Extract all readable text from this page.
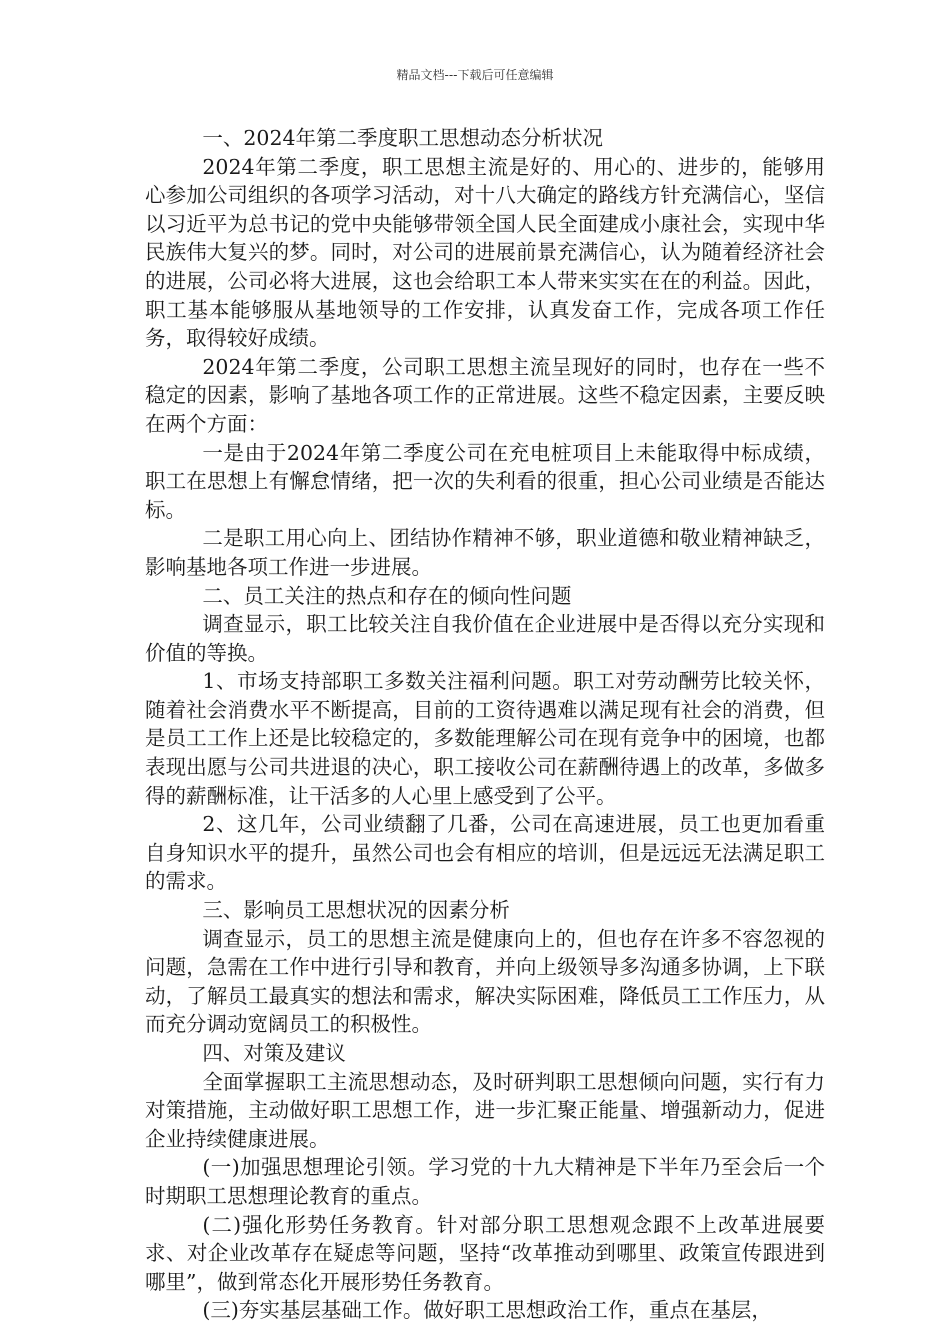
精品文档---下载后可任意编辑

一、2024年第二季度职工思想动态分析状况

2024年第二季度，职工思想主流是好的、用心的、进步的，能够用心参加公司组织的各项学习活动，对十八大确定的路线方针充满信心，坚信以习近平为总书记的党中央能够带领全国人民全面建成小康社会，实现中华民族伟大复兴的梦。同时，对公司的进展前景充满信心，认为随着经济社会的进展，公司必将大进展，这也会给职工本人带来实实在在的利益。因此，职工基本能够服从基地领导的工作安排，认真发奋工作，完成各项工作任务，取得较好成绩。

2024年第二季度，公司职工思想主流呈现好的同时，也存在一些不稳定的因素，影响了基地各项工作的正常进展。这些不稳定因素，主要反映在两个方面：

一是由于2024年第二季度公司在充电桩项目上未能取得中标成绩，职工在思想上有懈怠情绪，把一次的失利看的很重，担心公司业绩是否能达标。

二是职工用心向上、团结协作精神不够，职业道德和敬业精神缺乏，影响基地各项工作进一步进展。

二、员工关注的热点和存在的倾向性问题

调查显示，职工比较关注自我价值在企业进展中是否得以充分实现和价值的等换。

1、市场支持部职工多数关注福利问题。职工对劳动酬劳比较关怀，随着社会消费水平不断提高，目前的工资待遇难以满足现有社会的消费，但是员工工作上还是比较稳定的，多数能理解公司在现有竞争中的困境，也都表现出愿与公司共进退的决心，职工接收公司在薪酬待遇上的改革，多做多得的薪酬标准，让干活多的人心里上感受到了公平。

2、这几年，公司业绩翻了几番，公司在高速进展，员工也更加看重自身知识水平的提升，虽然公司也会有相应的培训，但是远远无法满足职工的需求。

三、影响员工思想状况的因素分析

调查显示，员工的思想主流是健康向上的，但也存在许多不容忽视的问题，急需在工作中进行引导和教育，并向上级领导多沟通多协调，上下联动，了解员工最真实的想法和需求，解决实际困难，降低员工工作压力，从而充分调动宽阔员工的积极性。

四、对策及建议

全面掌握职工主流思想动态，及时研判职工思想倾向问题，实行有力对策措施，主动做好职工思想工作，进一步汇聚正能量、增强新动力，促进企业持续健康进展。

(一)加强思想理论引领。学习党的十九大精神是下半年乃至会后一个时期职工思想理论教育的重点。

(二)强化形势任务教育。针对部分职工思想观念跟不上改革进展要求、对企业改革存在疑虑等问题，坚持“改革推动到哪里、政策宣传跟进到哪里”，做到常态化开展形势任务教育。

(三)夯实基层基础工作。做好职工思想政治工作，重点在基层，
